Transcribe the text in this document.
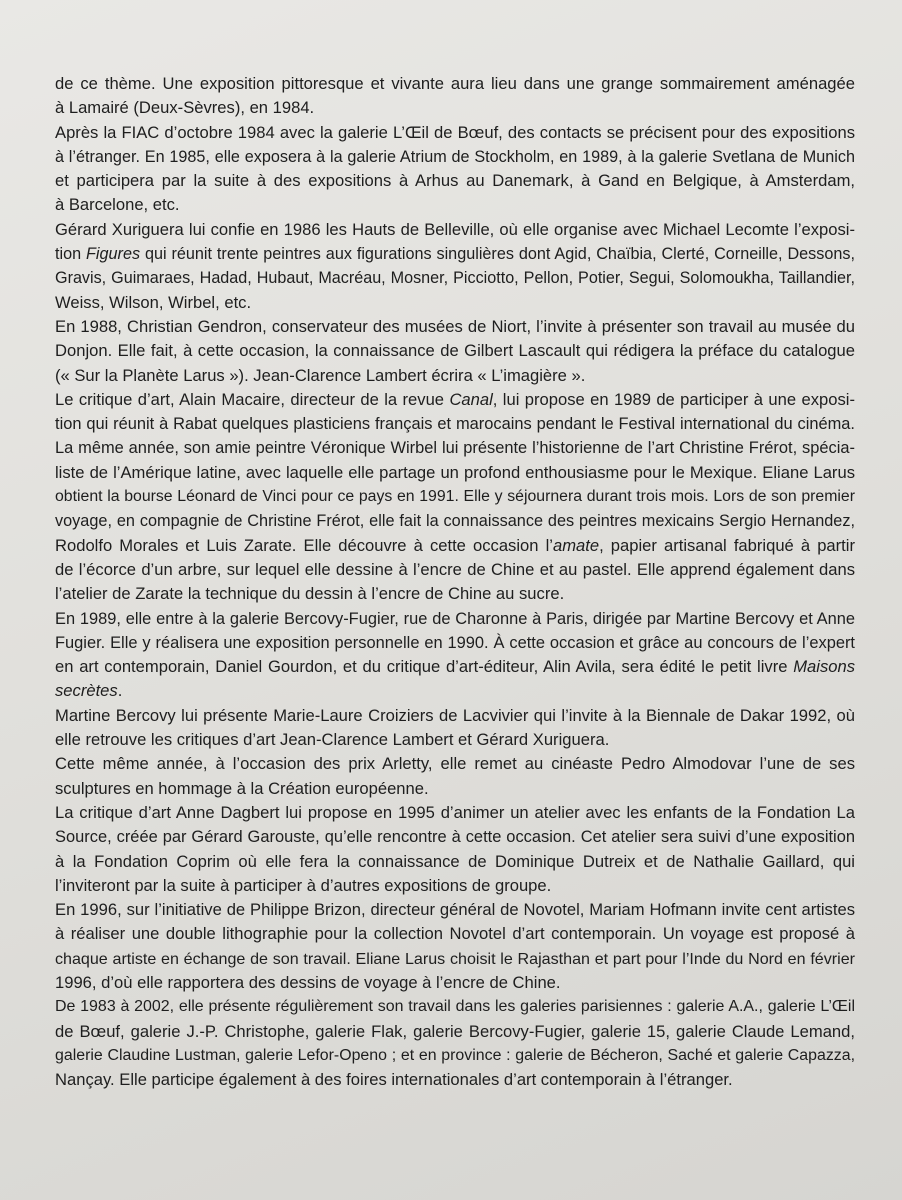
de ce thème. Une exposition pittoresque et vivante aura lieu dans une grange sommairement aménagée
à Lamairé (Deux-Sèvres), en 1984.
Après la FIAC d’octobre 1984 avec la galerie L’Œil de Bœuf, des contacts se précisent pour des expositions
à l’étranger. En 1985, elle exposera à la galerie Atrium de Stockholm, en 1989, à la galerie Svetlana de Munich
et participera par la suite à des expositions à Arhus au Danemark, à Gand en Belgique, à Amsterdam,
à Barcelone, etc.
Gérard Xuriguera lui confie en 1986 les Hauts de Belleville, où elle organise avec Michael Lecomte l’exposi-
tion Figures qui réunit trente peintres aux figurations singulières dont Agid, Chaïbia, Clerté, Corneille, Dessons,
Gravis, Guimaraes, Hadad, Hubaut, Macréau, Mosner, Picciotto, Pellon, Potier, Segui, Solomoukha, Taillandier,
Weiss, Wilson, Wirbel, etc.
En 1988, Christian Gendron, conservateur des musées de Niort, l’invite à présenter son travail au musée du
Donjon. Elle fait, à cette occasion, la connaissance de Gilbert Lascault qui rédigera la préface du catalogue
(« Sur la Planète Larus »). Jean-Clarence Lambert écrira « L’imagière ».
Le critique d’art, Alain Macaire, directeur de la revue Canal, lui propose en 1989 de participer à une exposi-
tion qui réunit à Rabat quelques plasticiens français et marocains pendant le Festival international du cinéma.
La même année, son amie peintre Véronique Wirbel lui présente l’historienne de l’art Christine Frérot, spécia-
liste de l’Amérique latine, avec laquelle elle partage un profond enthousiasme pour le Mexique. Eliane Larus
obtient la bourse Léonard de Vinci pour ce pays en 1991. Elle y séjournera durant trois mois. Lors de son premier
voyage, en compagnie de Christine Frérot, elle fait la connaissance des peintres mexicains Sergio Hernandez,
Rodolfo Morales et Luis Zarate. Elle découvre à cette occasion l’amate, papier artisanal fabriqué à partir
de l’écorce d’un arbre, sur lequel elle dessine à l’encre de Chine et au pastel. Elle apprend également dans
l’atelier de Zarate la technique du dessin à l’encre de Chine au sucre.
En 1989, elle entre à la galerie Bercovy-Fugier, rue de Charonne à Paris, dirigée par Martine Bercovy et Anne
Fugier. Elle y réalisera une exposition personnelle en 1990. À cette occasion et grâce au concours de l’expert
en art contemporain, Daniel Gourdon, et du critique d’art-éditeur, Alin Avila, sera édité le petit livre Maisons
secrètes.
Martine Bercovy lui présente Marie-Laure Croiziers de Lacvivier qui l’invite à la Biennale de Dakar 1992, où
elle retrouve les critiques d’art Jean-Clarence Lambert et Gérard Xuriguera.
Cette même année, à l’occasion des prix Arletty, elle remet au cinéaste Pedro Almodovar l’une de ses
sculptures en hommage à la Création européenne.
La critique d’art Anne Dagbert lui propose en 1995 d’animer un atelier avec les enfants de la Fondation La
Source, créée par Gérard Garouste, qu’elle rencontre à cette occasion. Cet atelier sera suivi d’une exposition
à la Fondation Coprim où elle fera la connaissance de Dominique Dutreix et de Nathalie Gaillard, qui
l’inviteront par la suite à participer à d’autres expositions de groupe.
En 1996, sur l’initiative de Philippe Brizon, directeur général de Novotel, Mariam Hofmann invite cent artistes
à réaliser une double lithographie pour la collection Novotel d’art contemporain. Un voyage est proposé à
chaque artiste en échange de son travail. Eliane Larus choisit le Rajasthan et part pour l’Inde du Nord en février
1996, d’où elle rapportera des dessins de voyage à l’encre de Chine.
De 1983 à 2002, elle présente régulièrement son travail dans les galeries parisiennes : galerie A.A., galerie L’Œil
de Bœuf, galerie J.-P. Christophe, galerie Flak, galerie Bercovy-Fugier, galerie 15, galerie Claude Lemand,
galerie Claudine Lustman, galerie Lefor-Openo ; et en province : galerie de Bécheron, Saché et galerie Capazza,
Nançay. Elle participe également à des foires internationales d’art contemporain à l’étranger.
